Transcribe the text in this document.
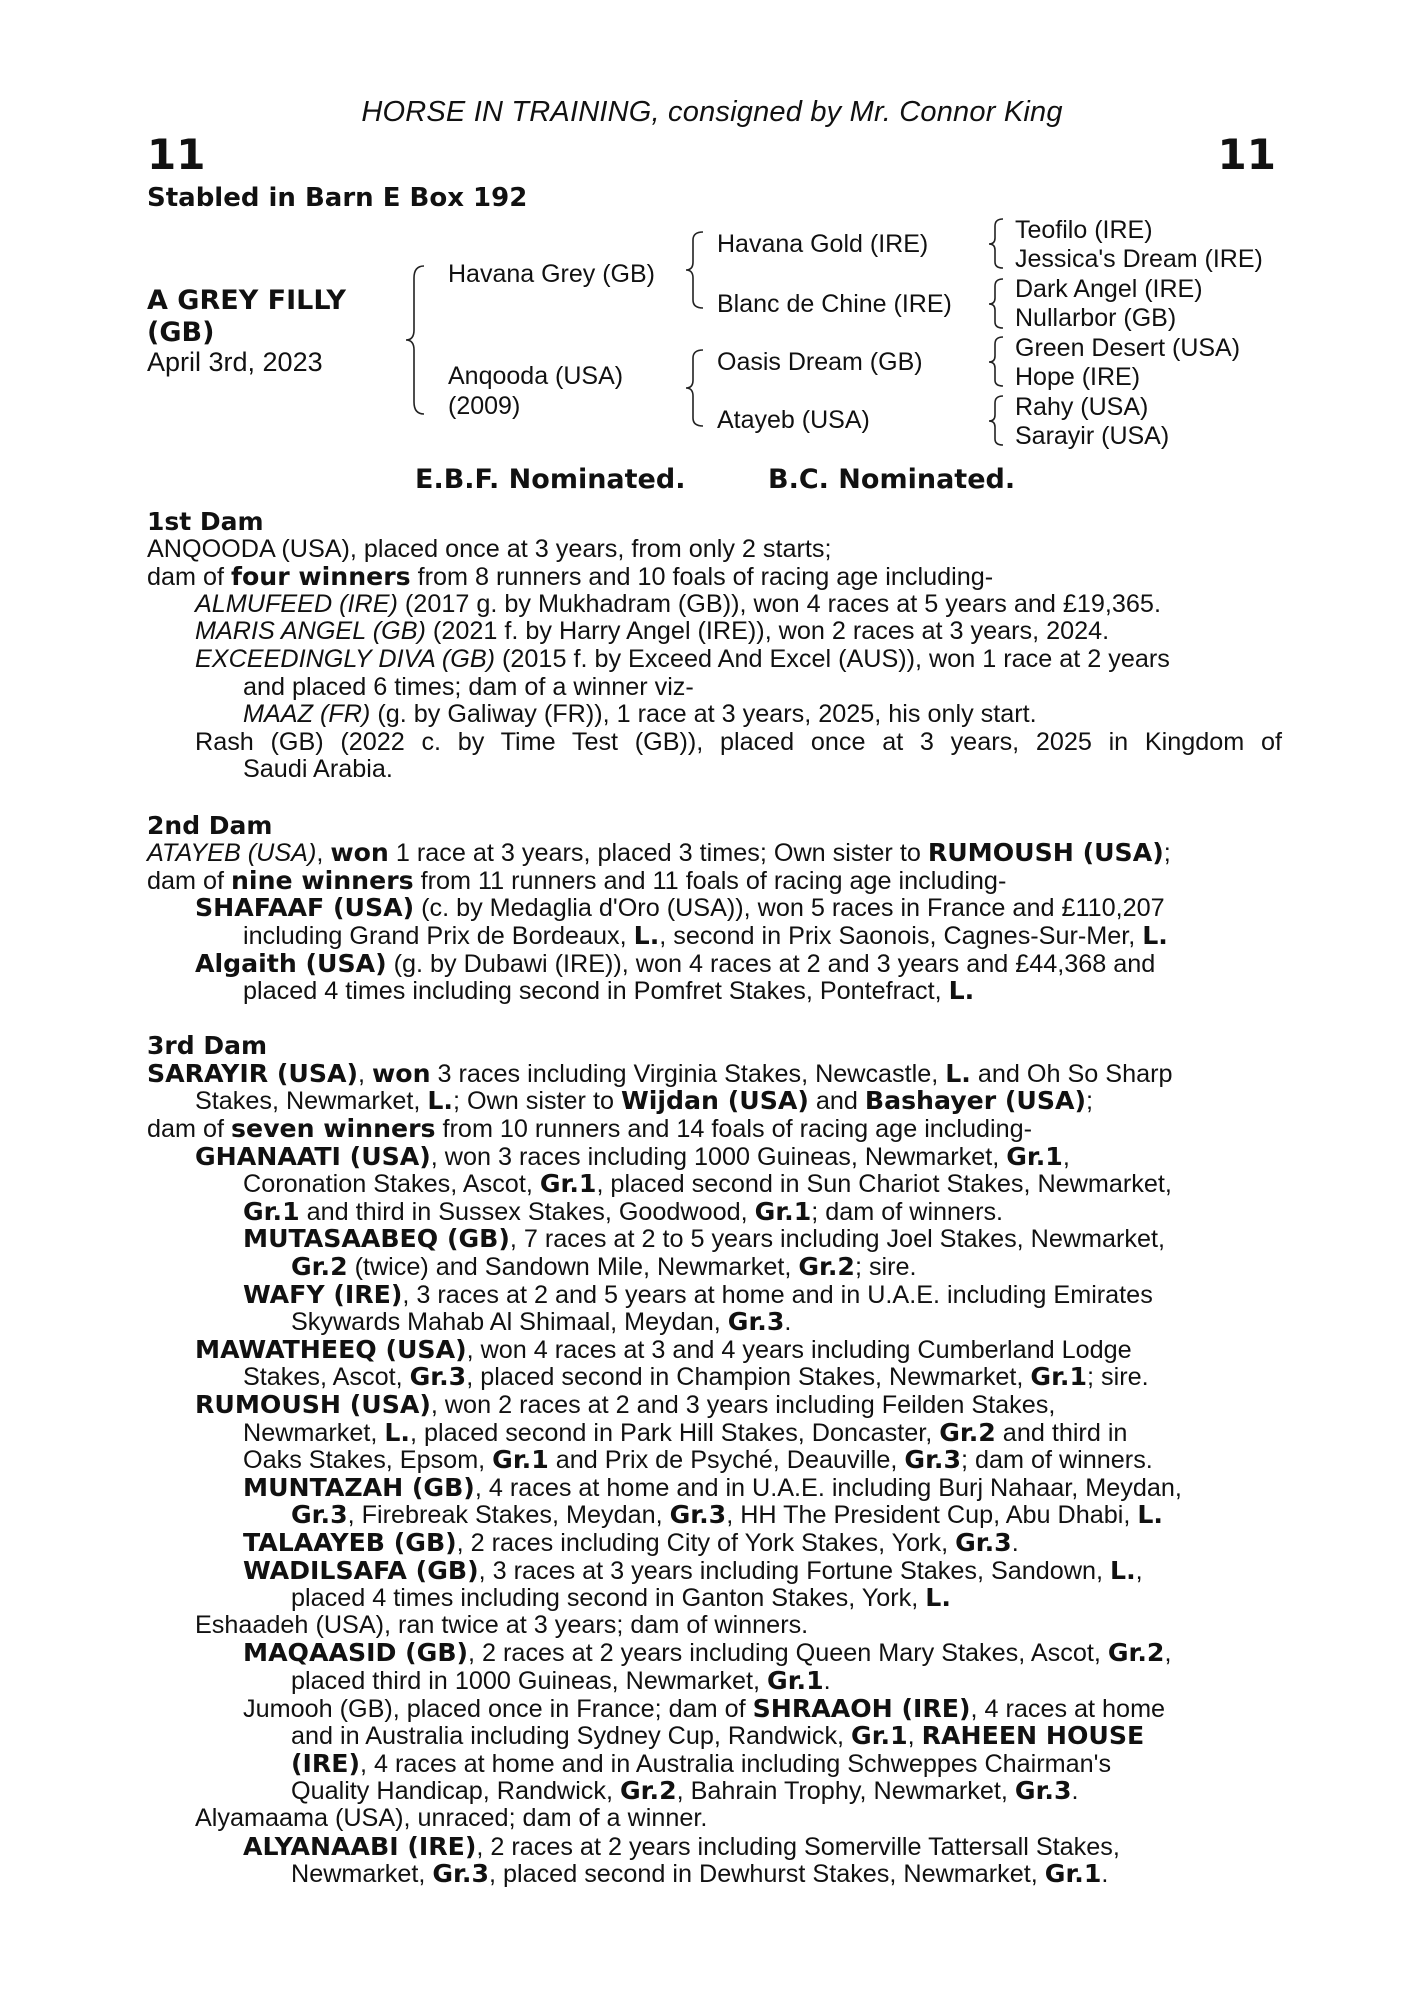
HORSE IN TRAINING, consigned by Mr. Connor King
11	11
Stabled in Barn E Box 192
A GREY FILLY
(GB)
April 3rd, 2023
Havana Grey (GB)
Anqooda (USA)
(2009)
Havana Gold (IRE)
Blanc de Chine (IRE)
Oasis Dream (GB)
Atayeb (USA)
Teofilo (IRE)
Jessica's Dream (IRE)
Dark Angel (IRE)
Nullarbor (GB)
Green Desert (USA)
Hope (IRE)
Rahy (USA)
Sarayir (USA)
E.B.F. Nominated.	B.C. Nominated.
1st Dam
ANQOODA (USA), placed once at 3 years, from only 2 starts;
dam of four winners from 8 runners and 10 foals of racing age including-
ALMUFEED (IRE) (2017 g. by Mukhadram (GB)), won 4 races at 5 years and £19,365.
MARIS ANGEL (GB) (2021 f. by Harry Angel (IRE)), won 2 races at 3 years, 2024.
EXCEEDINGLY DIVA (GB) (2015 f. by Exceed And Excel (AUS)), won 1 race at 2 years
and placed 6 times; dam of a winner viz-
MAAZ (FR) (g. by Galiway (FR)), 1 race at 3 years, 2025, his only start.
Rash (GB) (2022 c. by Time Test (GB)), placed once at 3 years, 2025 in Kingdom of
Saudi Arabia.
2nd Dam
ATAYEB (USA), won 1 race at 3 years, placed 3 times; Own sister to RUMOUSH (USA);
dam of nine winners from 11 runners and 11 foals of racing age including-
SHAFAAF (USA) (c. by Medaglia d'Oro (USA)), won 5 races in France and £110,207
including Grand Prix de Bordeaux, L., second in Prix Saonois, Cagnes-Sur-Mer, L.
Algaith (USA) (g. by Dubawi (IRE)), won 4 races at 2 and 3 years and £44,368 and
placed 4 times including second in Pomfret Stakes, Pontefract, L.
3rd Dam
SARAYIR (USA), won 3 races including Virginia Stakes, Newcastle, L. and Oh So Sharp
Stakes, Newmarket, L.; Own sister to Wijdan (USA) and Bashayer (USA);
dam of seven winners from 10 runners and 14 foals of racing age including-
GHANAATI (USA), won 3 races including 1000 Guineas, Newmarket, Gr.1,
Coronation Stakes, Ascot, Gr.1, placed second in Sun Chariot Stakes, Newmarket,
Gr.1 and third in Sussex Stakes, Goodwood, Gr.1; dam of winners.
MUTASAABEQ (GB), 7 races at 2 to 5 years including Joel Stakes, Newmarket,
Gr.2 (twice) and Sandown Mile, Newmarket, Gr.2; sire.
WAFY (IRE), 3 races at 2 and 5 years at home and in U.A.E. including Emirates
Skywards Mahab Al Shimaal, Meydan, Gr.3.
MAWATHEEQ (USA), won 4 races at 3 and 4 years including Cumberland Lodge
Stakes, Ascot, Gr.3, placed second in Champion Stakes, Newmarket, Gr.1; sire.
RUMOUSH (USA), won 2 races at 2 and 3 years including Feilden Stakes,
Newmarket, L., placed second in Park Hill Stakes, Doncaster, Gr.2 and third in
Oaks Stakes, Epsom, Gr.1 and Prix de Psyché, Deauville, Gr.3; dam of winners.
MUNTAZAH (GB), 4 races at home and in U.A.E. including Burj Nahaar, Meydan,
Gr.3, Firebreak Stakes, Meydan, Gr.3, HH The President Cup, Abu Dhabi, L.
TALAAYEB (GB), 2 races including City of York Stakes, York, Gr.3.
WADILSAFA (GB), 3 races at 3 years including Fortune Stakes, Sandown, L.,
placed 4 times including second in Ganton Stakes, York, L.
Eshaadeh (USA), ran twice at 3 years; dam of winners.
MAQAASID (GB), 2 races at 2 years including Queen Mary Stakes, Ascot, Gr.2,
placed third in 1000 Guineas, Newmarket, Gr.1.
Jumooh (GB), placed once in France; dam of SHRAAOH (IRE), 4 races at home
and in Australia including Sydney Cup, Randwick, Gr.1, RAHEEN HOUSE
(IRE), 4 races at home and in Australia including Schweppes Chairman's
Quality Handicap, Randwick, Gr.2, Bahrain Trophy, Newmarket, Gr.3.
Alyamaama (USA), unraced; dam of a winner.
ALYANAABI (IRE), 2 races at 2 years including Somerville Tattersall Stakes,
Newmarket, Gr.3, placed second in Dewhurst Stakes, Newmarket, Gr.1.
